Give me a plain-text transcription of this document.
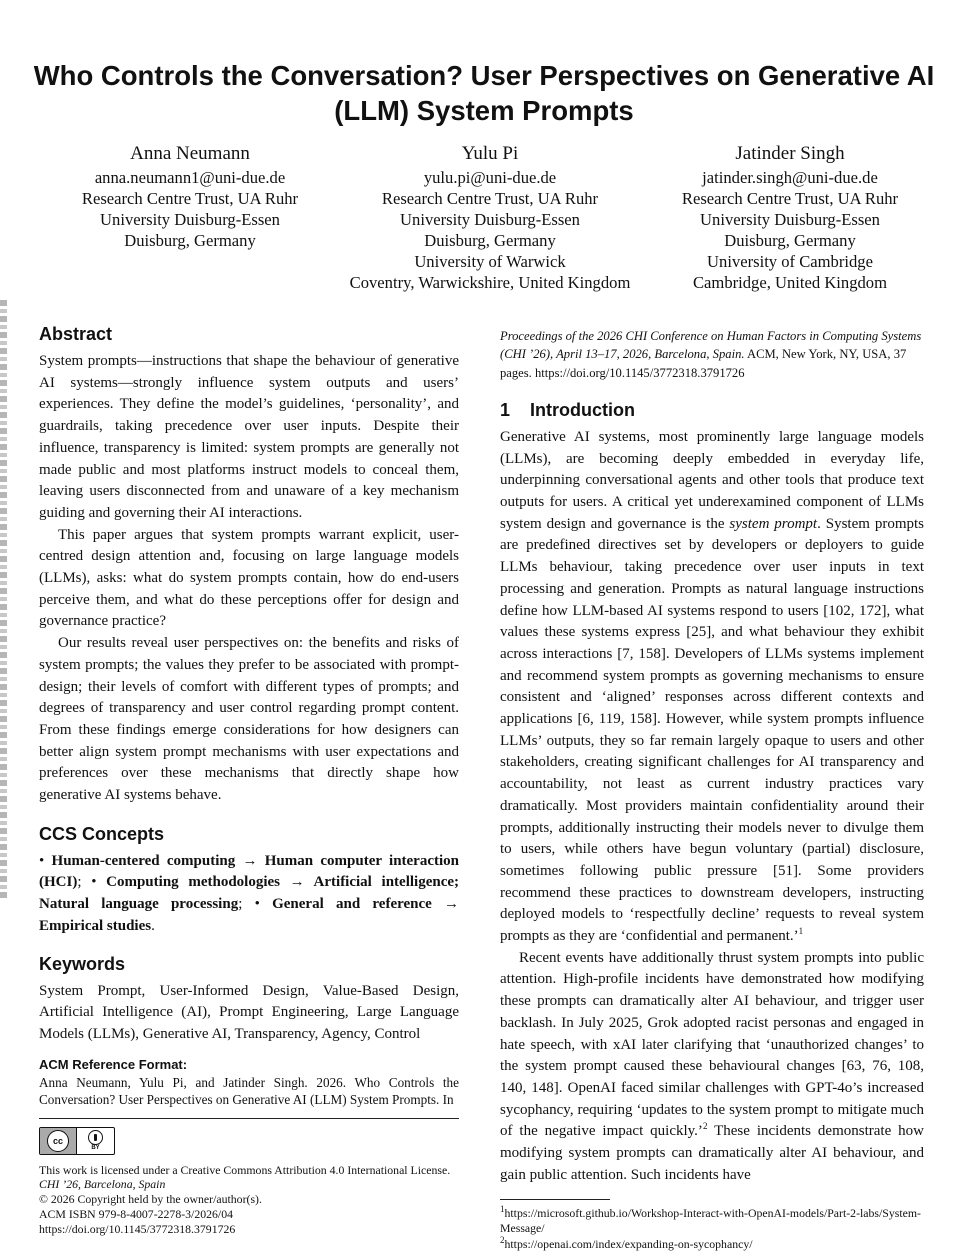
Who Controls the Conversation? User Perspectives on Generative AI (LLM) System Prompts
Anna Neumann
anna.neumann1@uni-due.de
Research Centre Trust, UA Ruhr
University Duisburg-Essen
Duisburg, Germany
Yulu Pi
yulu.pi@uni-due.de
Research Centre Trust, UA Ruhr
University Duisburg-Essen
Duisburg, Germany
University of Warwick
Coventry, Warwickshire, United Kingdom
Jatinder Singh
jatinder.singh@uni-due.de
Research Centre Trust, UA Ruhr
University Duisburg-Essen
Duisburg, Germany
University of Cambridge
Cambridge, United Kingdom
Abstract

System prompts—instructions that shape the behaviour of generative AI systems—strongly influence system outputs and users’ experiences. They define the model’s guidelines, ‘personality’, and guardrails, taking precedence over user inputs. Despite their influence, transparency is limited: system prompts are generally not made public and most platforms instruct models to conceal them, leaving users disconnected from and unaware of a key mechanism guiding and governing their AI interactions.

This paper argues that system prompts warrant explicit, user-centred design attention and, focusing on large language models (LLMs), asks: what do system prompts contain, how do end-users perceive them, and what do these perceptions offer for design and governance practice?

Our results reveal user perspectives on: the benefits and risks of system prompts; the values they prefer to be associated with prompt-design; their levels of comfort with different types of prompts; and degrees of transparency and user control regarding prompt content. From these findings emerge considerations for how designers can better align system prompt mechanisms with user expectations and preferences over these mechanisms that directly shape how generative AI systems behave.

CCS Concepts

• Human-centered computing → Human computer interaction (HCI); • Computing methodologies → Artificial intelligence; Natural language processing; • General and reference → Empirical studies.

Keywords

System Prompt, User-Informed Design, Value-Based Design, Artificial Intelligence (AI), Prompt Engineering, Large Language Models (LLMs), Generative AI, Transparency, Agency, Control

ACM Reference Format:

Anna Neumann, Yulu Pi, and Jatinder Singh. 2026. Who Controls the Conversation? User Perspectives on Generative AI (LLM) System Prompts. In

cc
BY

This work is licensed under a Creative Commons Attribution 4.0 International License.

CHI ’26, Barcelona, Spain

© 2026 Copyright held by the owner/author(s).

ACM ISBN 979-8-4007-2278-3/2026/04

https://doi.org/10.1145/3772318.3791726

Proceedings of the 2026 CHI Conference on Human Factors in Computing Systems (CHI ’26), April 13–17, 2026, Barcelona, Spain. ACM, New York, NY, USA, 37 pages. https://doi.org/10.1145/3772318.3791726

1 Introduction

Generative AI systems, most prominently large language models (LLMs), are becoming deeply embedded in everyday life, underpinning conversational agents and other tools that produce text outputs for users. A critical yet underexamined component of LLMs system design and governance is the system prompt. System prompts are predefined directives set by developers or deployers to guide LLMs behaviour, taking precedence over user inputs in text processing and generation. Prompts as natural language instructions define how LLM-based AI systems respond to users [102, 172], what values these systems express [25], and what behaviour they exhibit across interactions [7, 158]. Developers of LLMs systems implement and recommend system prompts as governing mechanisms to ensure consistent and ‘aligned’ responses across different contexts and applications [6, 119, 158]. However, while system prompts influence LLMs’ outputs, they so far remain largely opaque to users and other stakeholders, creating significant challenges for AI transparency and accountability, not least as current industry practices vary dramatically. Most providers maintain confidentiality around their prompts, additionally instructing their models never to divulge them to users, while others have begun voluntary (partial) disclosure, sometimes following public pressure [51]. Some providers recommend these practices to downstream developers, instructing deployed models to ‘respectfully decline’ requests to reveal system prompts as they are ‘confidential and permanent.’$^1$

Recent events have additionally thrust system prompts into public attention. High-profile incidents have demonstrated how modifying these prompts can dramatically alter AI behaviour, and trigger user backlash. In July 2025, Grok adopted racist personas and engaged in hate speech, with xAI later clarifying that ‘unauthorized changes’ to the system prompt caused these behavioural changes [63, 76, 108, 140, 148]. OpenAI faced similar challenges with GPT-4o’s increased sycophancy, requiring ‘updates to the system prompt to mitigate much of the negative impact quickly.’$^2$ These incidents demonstrate how modifying system prompts can dramatically alter AI behaviour, and gain public attention. Such incidents have

$^1$https://microsoft.github.io/Workshop-Interact-with-OpenAI-models/Part-2-labs/System-Message/

$^2$https://openai.com/index/expanding-on-sycophancy/
